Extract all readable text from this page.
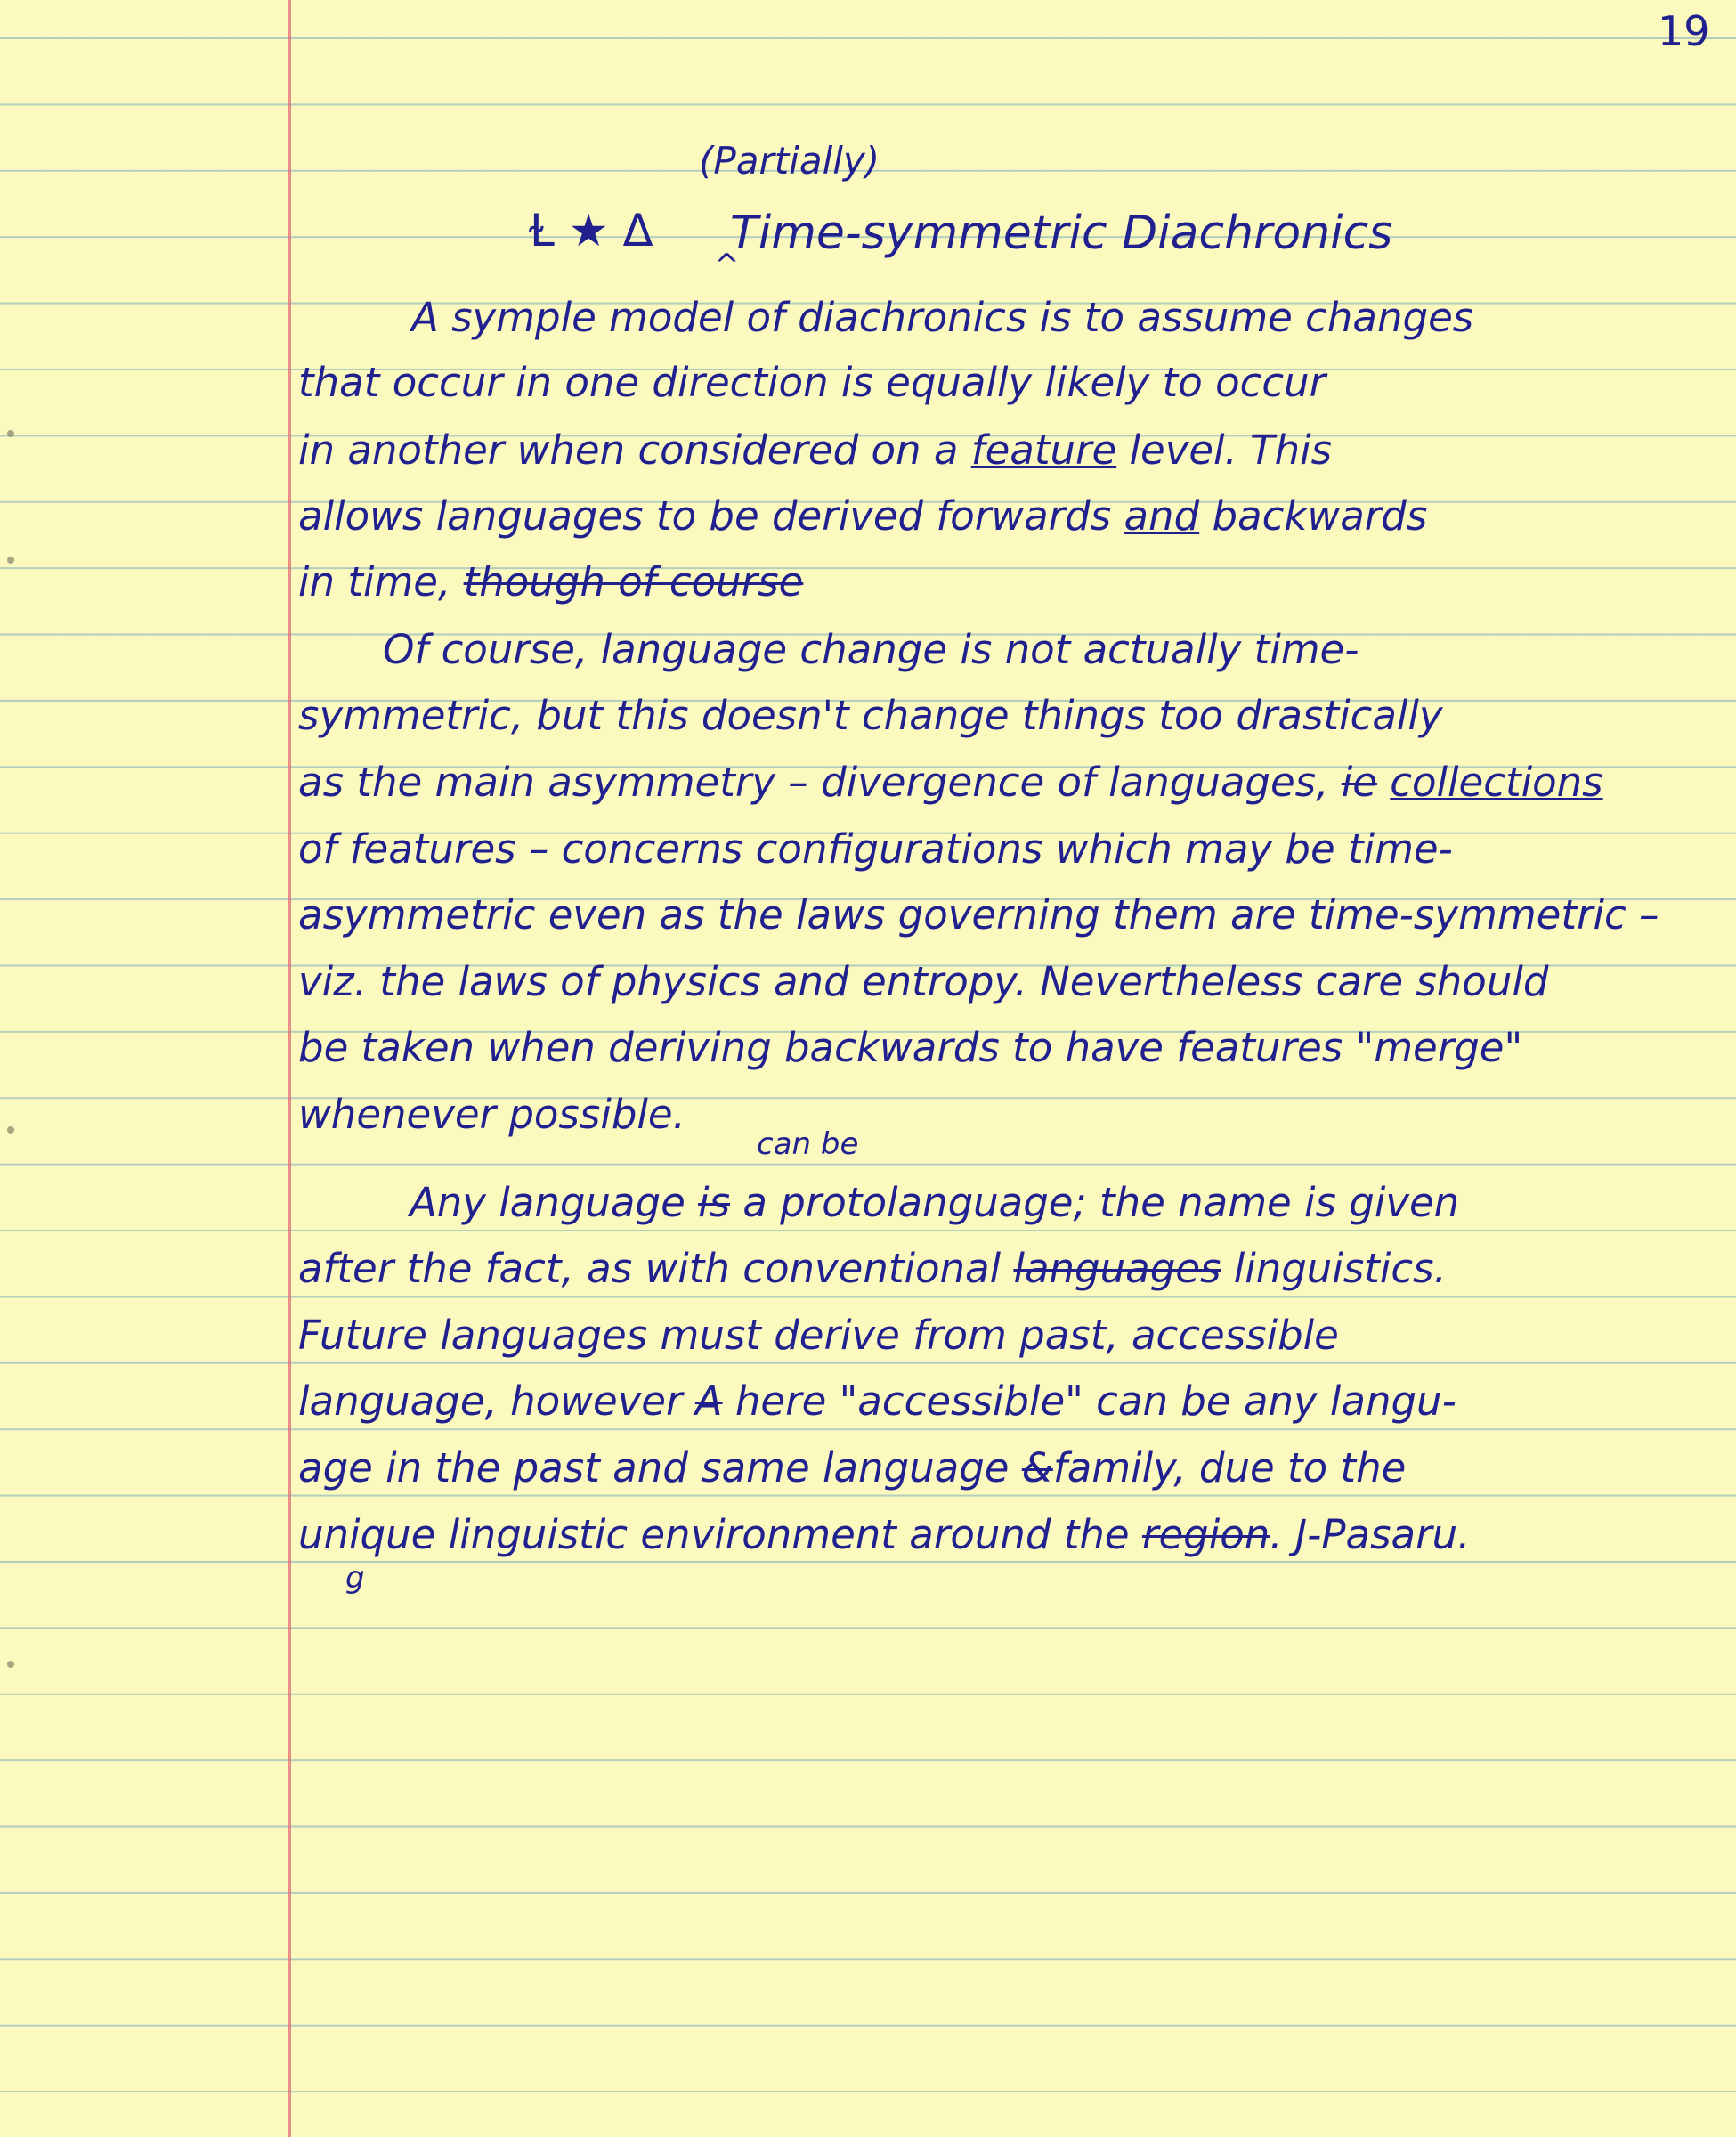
19
(Partially)
Ɫ ★ Δ Time-symmetric Diachronics
^
A symple model of diachronics is to assume changes
that occur in one direction is equally likely to occur
in another when considered on a feature level. This
allows languages to be derived forwards and backwards
in time, though of course
Of course, language change is not actually time-
symmetric, but this doesn't change things too drastically
as the main asymmetry – divergence of languages, ie collections
of features – concerns configurations which may be time-
asymmetric even as the laws governing them are time-symmetric –
viz. the laws of physics and entropy. Nevertheless care should
be taken when deriving backwards to have features "merge"
whenever possible.
can be
Any language is a protolanguage; the name is given
after the fact, as with conventional languages linguistics.
Future languages must derive from past, accessible
language, however A here "accessible" can be any langu-
age in the past and same language &family, due to the
unique linguistic environment around the region. J-Pasaru.
g
